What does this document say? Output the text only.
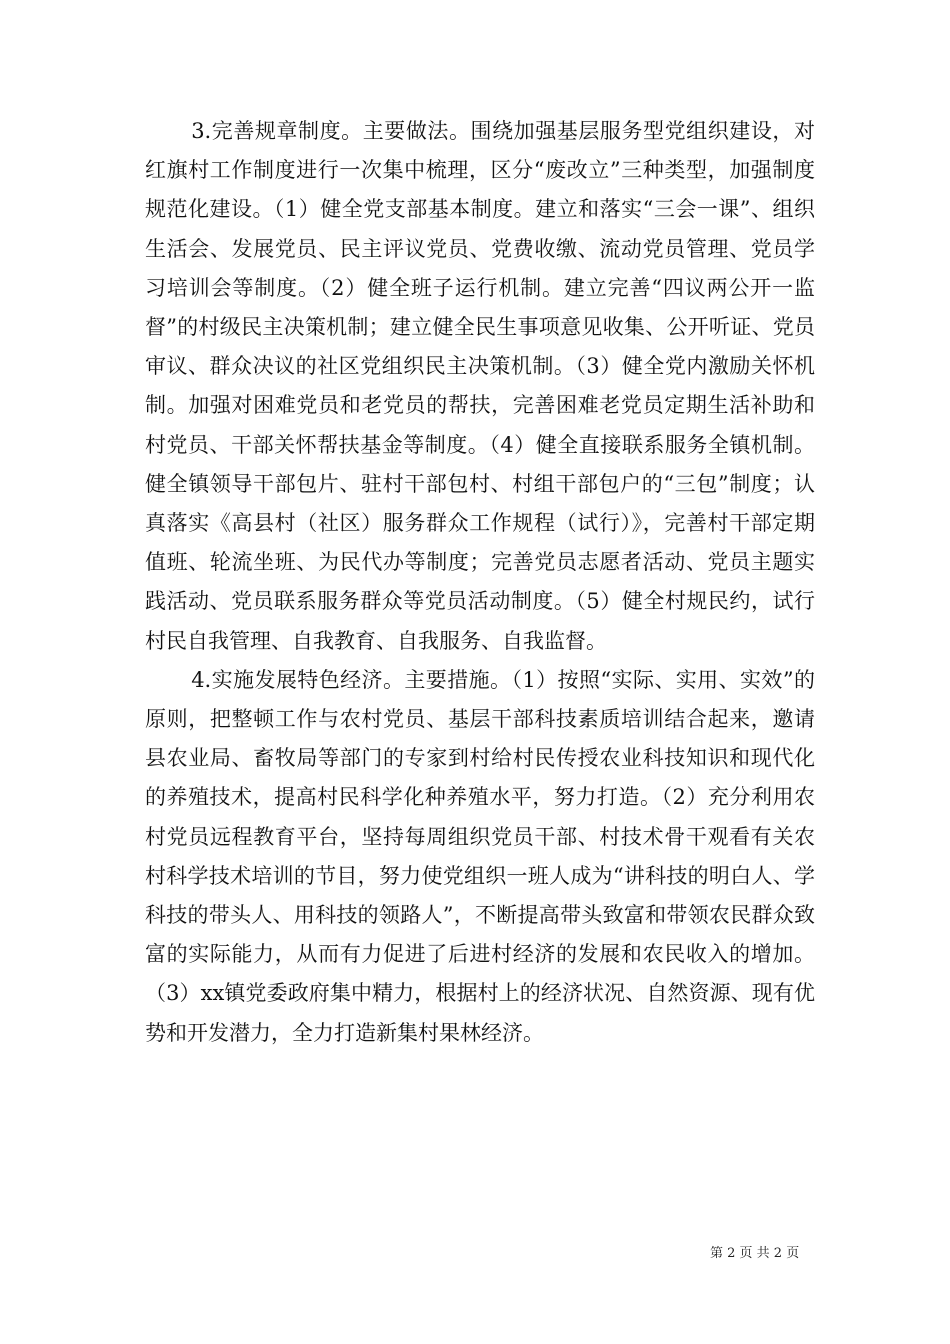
3.完善规章制度。主要做法。围绕加强基层服务型党组织建设，对红旗村工作制度进行一次集中梳理，区分“废改立”三种类型，加强制度规范化建设。（1）健全党支部基本制度。建立和落实“三会一课”、组织生活会、发展党员、民主评议党员、党费收缴、流动党员管理、党员学习培训会等制度。（2）健全班子运行机制。建立完善“四议两公开一监督”的村级民主决策机制；建立健全民生事项意见收集、公开听证、党员审议、群众决议的社区党组织民主决策机制。（3）健全党内激励关怀机制。加强对困难党员和老党员的帮扶，完善困难老党员定期生活补助和村党员、干部关怀帮扶基金等制度。（4）健全直接联系服务全镇机制。健全镇领导干部包片、驻村干部包村、村组干部包户的“三包”制度；认真落实《高县村（社区）服务群众工作规程（试行）》，完善村干部定期值班、轮流坐班、为民代办等制度；完善党员志愿者活动、党员主题实践活动、党员联系服务群众等党员活动制度。（5）健全村规民约，试行村民自我管理、自我教育、自我服务、自我监督。

4.实施发展特色经济。主要措施。（1）按照“实际、实用、实效”的原则，把整顿工作与农村党员、基层干部科技素质培训结合起来，邀请县农业局、畜牧局等部门的专家到村给村民传授农业科技知识和现代化的养殖技术，提高村民科学化种养殖水平，努力打造。（2）充分利用农村党员远程教育平台，坚持每周组织党员干部、村技术骨干观看有关农村科学技术培训的节目，努力使党组织一班人成为“讲科技的明白人、学科技的带头人、用科技的领路人”，不断提高带头致富和带领农民群众致富的实际能力，从而有力促进了后进村经济的发展和农民收入的增加。（3）xx镇党委政府集中精力，根据村上的经济状况、自然资源、现有优势和开发潜力，全力打造新集村果林经济。

第 2 页 共 2 页
